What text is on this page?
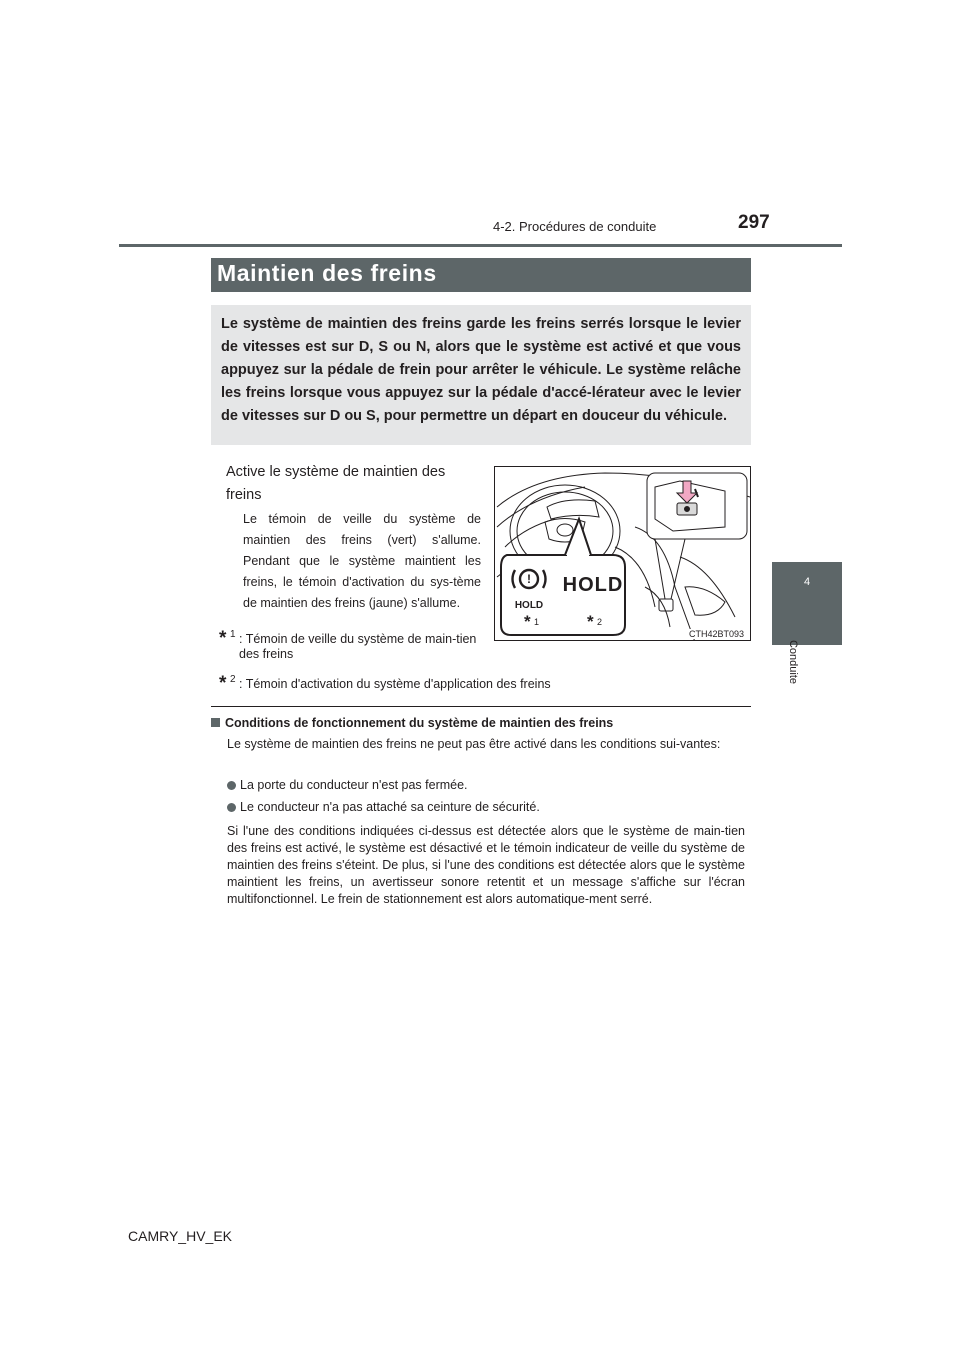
4-2. Procédures de conduite	297
4
Conduite
Maintien des freins
Le système de maintien des freins garde les freins serrés lorsque le levier de vitesses est sur D, S ou N, alors que le système est activé et que vous appuyez sur la pédale de frein pour arrêter le véhicule. Le système relâche les freins lorsque vous appuyez sur la pédale d'accé-lérateur avec le levier de vitesses sur D ou S, pour permettre un départ en douceur du véhicule.
Active le système de maintien des freins
Le témoin de veille du système de maintien des freins (vert) s'allume. Pendant que le système maintient les freins, le témoin d'activation du sys-tème de maintien des freins (jaune) s'allume.
!
HOLD
HOLD
* 1	* 2
CTH42BT093
* 1 : Témoin de veille du système de main-tien des freins
* 2 : Témoin d'activation du système d'application des freins
Conditions de fonctionnement du système de maintien des freins
Le système de maintien des freins ne peut pas être activé dans les conditions sui-vantes:
La porte du conducteur n'est pas fermée.
Le conducteur n'a pas attaché sa ceinture de sécurité.
Si l'une des conditions indiquées ci-dessus est détectée alors que le système de main-tien des freins est activé, le système est désactivé et le témoin indicateur de veille du système de maintien des freins s'éteint. De plus, si l'une des conditions est détectée alors que le système maintient les freins, un avertisseur sonore retentit et un message s'affiche sur l'écran multifonctionnel. Le frein de stationnement est alors automatique-ment serré.
CAMRY_HV_EK
